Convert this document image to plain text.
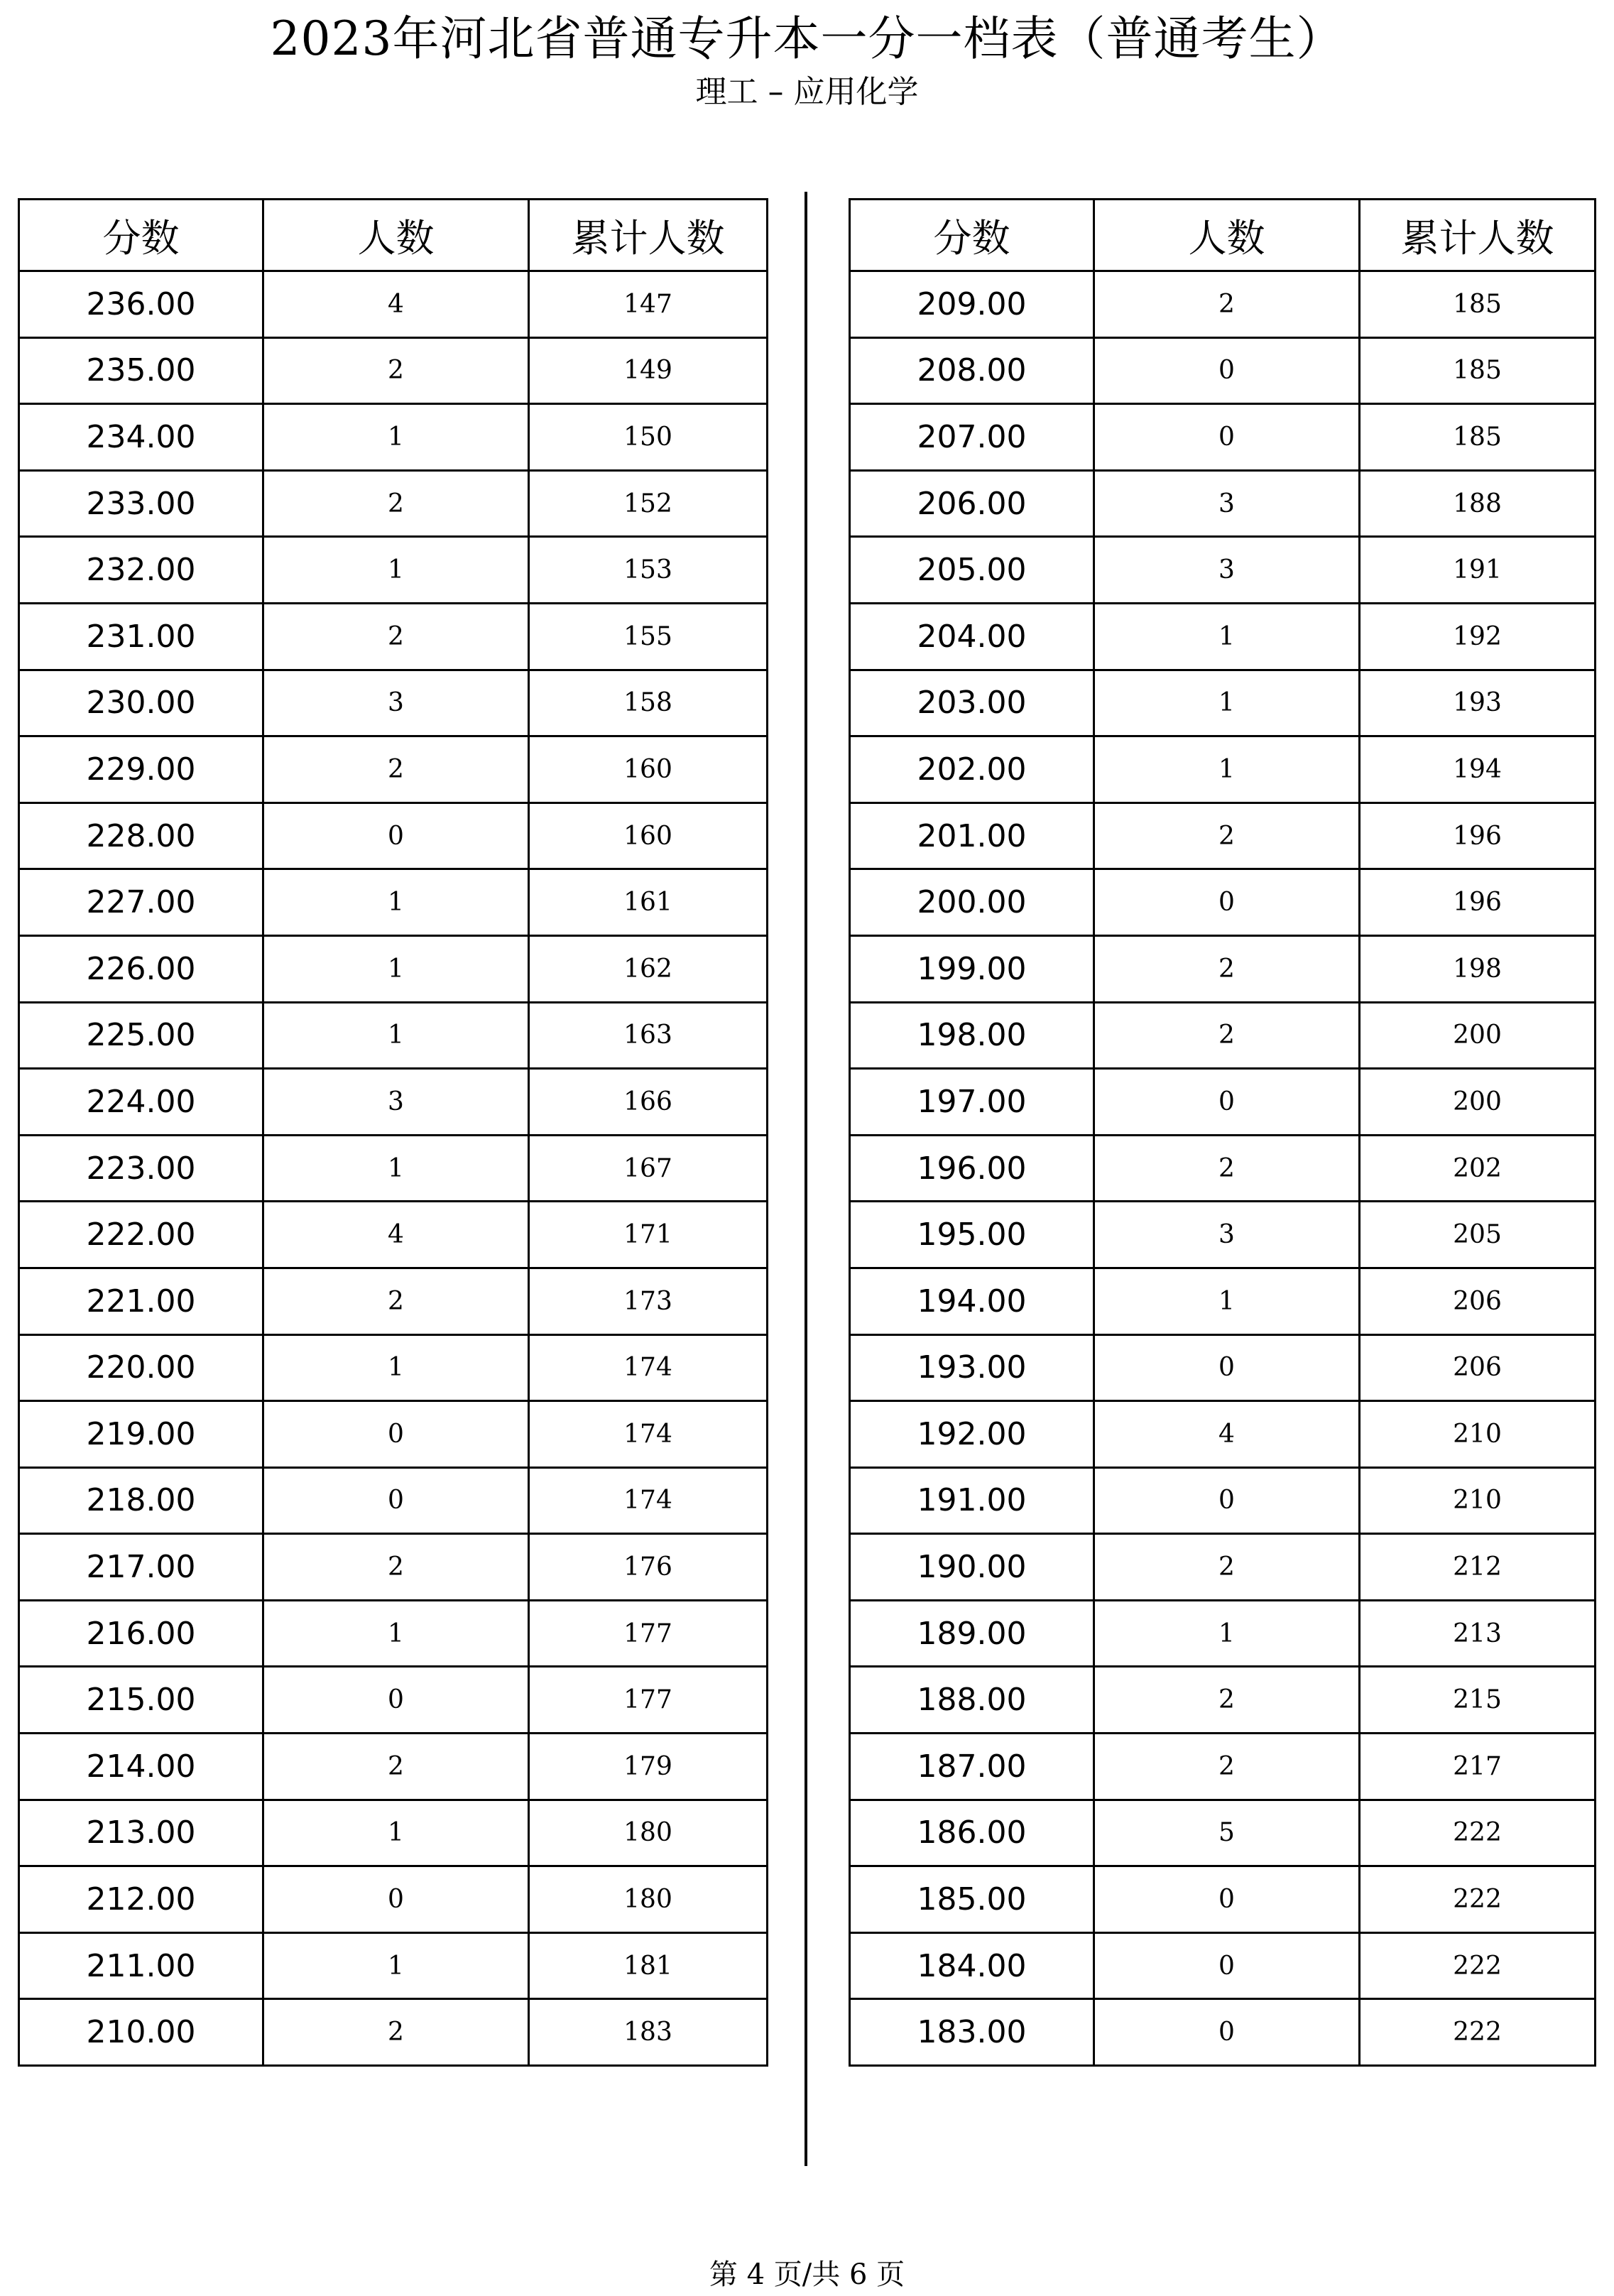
2023年河北省普通专升本一分一档表（普通考生）
理工 – 应用化学
分数	人数	累计人数
236.00	4	147
235.00	2	149
234.00	1	150
233.00	2	152
232.00	1	153
231.00	2	155
230.00	3	158
229.00	2	160
228.00	0	160
227.00	1	161
226.00	1	162
225.00	1	163
224.00	3	166
223.00	1	167
222.00	4	171
221.00	2	173
220.00	1	174
219.00	0	174
218.00	0	174
217.00	2	176
216.00	1	177
215.00	0	177
214.00	2	179
213.00	1	180
212.00	0	180
211.00	1	181
210.00	2	183
分数	人数	累计人数
209.00	2	185
208.00	0	185
207.00	0	185
206.00	3	188
205.00	3	191
204.00	1	192
203.00	1	193
202.00	1	194
201.00	2	196
200.00	0	196
199.00	2	198
198.00	2	200
197.00	0	200
196.00	2	202
195.00	3	205
194.00	1	206
193.00	0	206
192.00	4	210
191.00	0	210
190.00	2	212
189.00	1	213
188.00	2	215
187.00	2	217
186.00	5	222
185.00	0	222
184.00	0	222
183.00	0	222
第 4 页/共 6 页
